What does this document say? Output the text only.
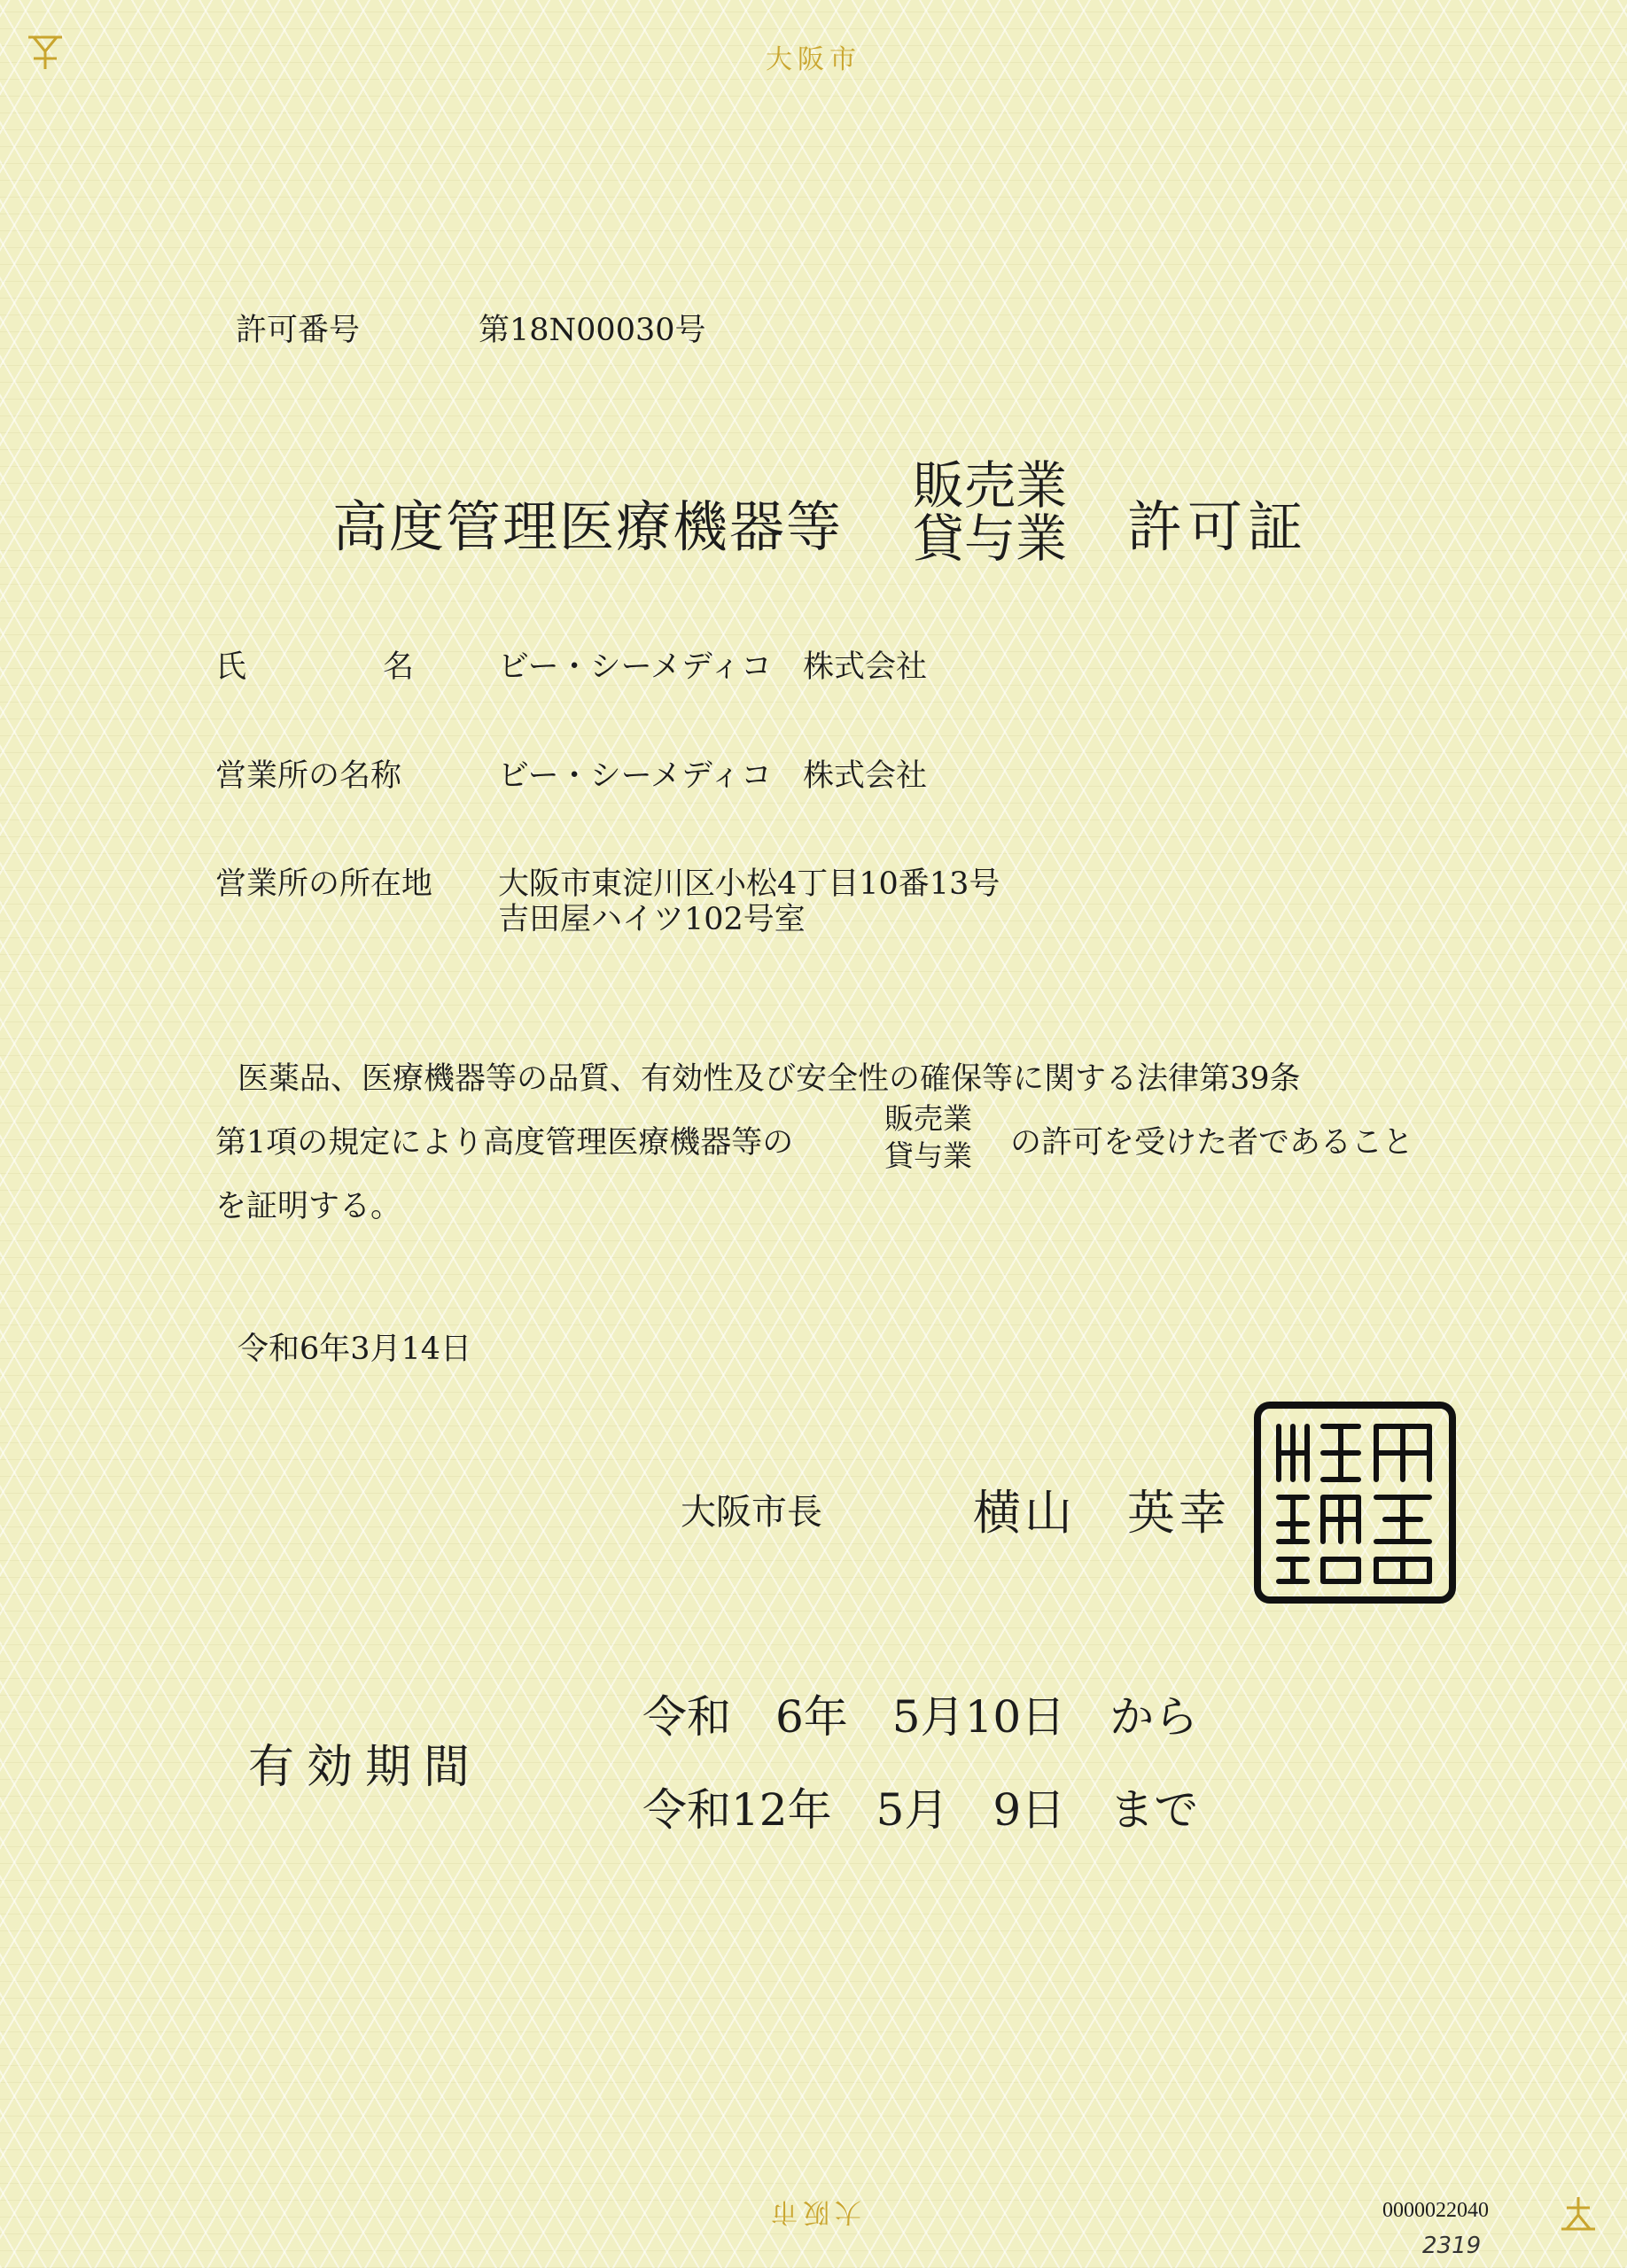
大阪市
大阪市
許可番号	第18N00030号
高度管理医療機器等
販売業
貸与業 許可証
氏	名	ビー・シーメディコ　株式会社
営業所の名称	ビー・シーメディコ　株式会社
営業所の所在地 大阪市東淀川区小松4丁目10番13号
吉田屋ハイツ102号室
医薬品、医療機器等の品質、有効性及び安全性の確保等に関する法律第39条
第1項の規定により高度管理医療機器等の
販売業
貸与業 の許可を受けた者であること
を証明する。
令和6年3月14日
大阪市長	横山　英幸
有効期間
令和　6年　5月10日　から
令和12年　5月　9日　まで
0000022040
2319
